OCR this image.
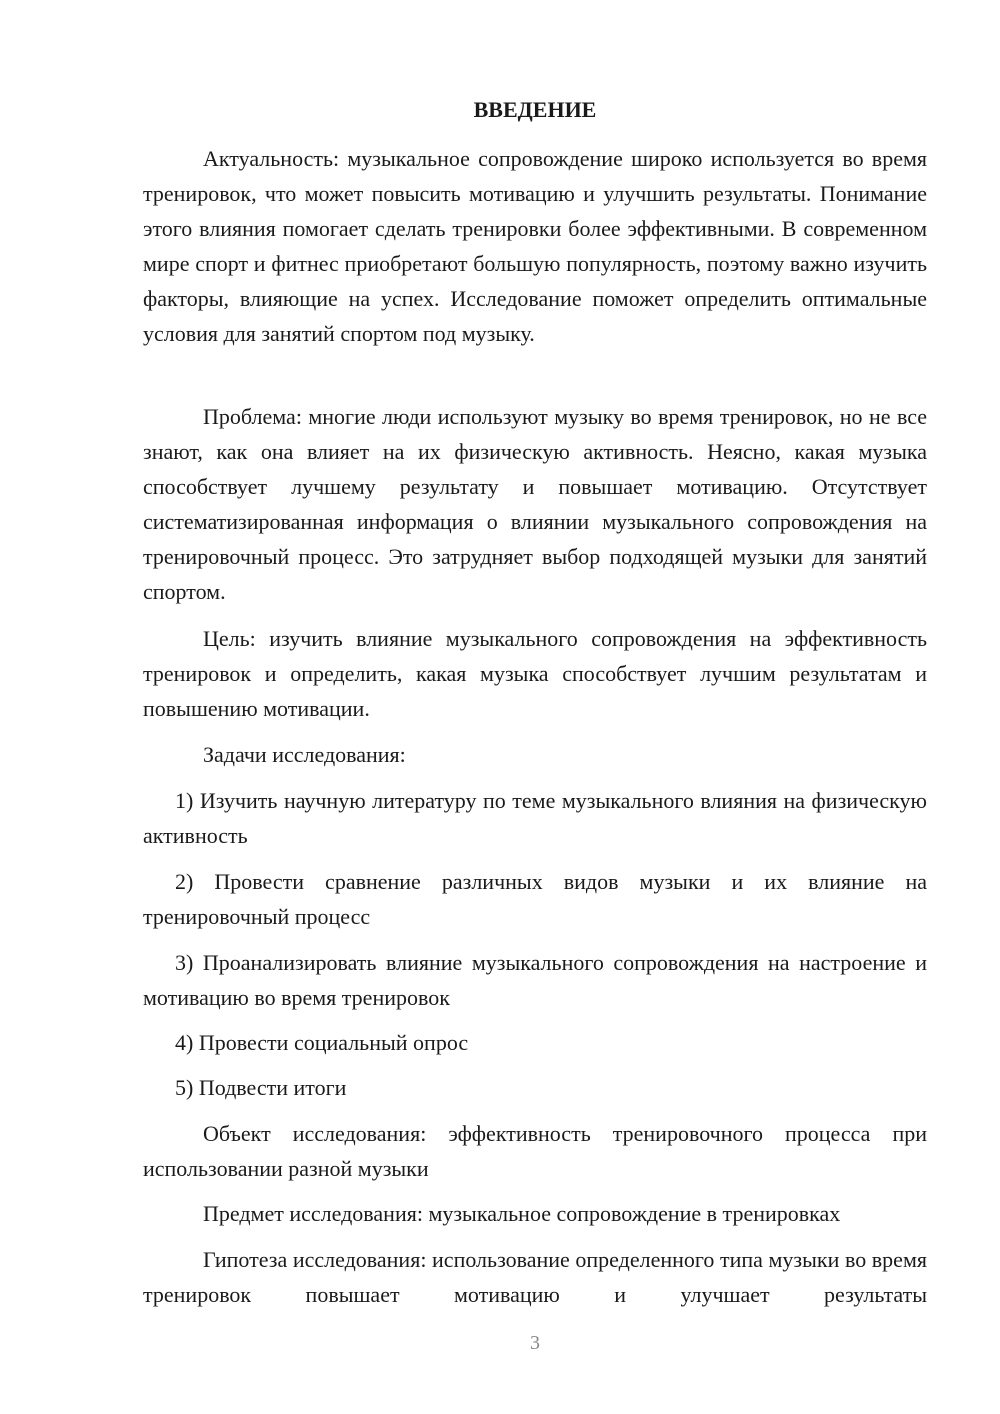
ВВЕДЕНИЕ

Актуальность: музыкальное сопровождение широко используется во время тренировок, что может повысить мотивацию и улучшить результаты. Понимание этого влияния помогает сделать тренировки более эффективными. В современном мире спорт и фитнес приобретают большую популярность, поэтому важно изучить факторы, влияющие на успех. Исследование поможет определить оптимальные условия для занятий спортом под музыку.

Проблема: многие люди используют музыку во время тренировок, но не все знают, как она влияет на их физическую активность. Неясно, какая музыка способствует лучшему результату и повышает мотивацию. Отсутствует систематизированная информация о влиянии музыкального сопровождения на тренировочный процесс. Это затрудняет выбор подходящей музыки для занятий спортом.

Цель: изучить влияние музыкального сопровождения на эффективность тренировок и определить, какая музыка способствует лучшим результатам и повышению мотивации.

Задачи исследования:

1) Изучить научную литературу по теме музыкального влияния на физическую активность

2) Провести сравнение различных видов музыки и их влияние на тренировочный процесс

3) Проанализировать влияние музыкального сопровождения на настроение и мотивацию во время тренировок

4) Провести социальный опрос

5) Подвести итоги

Объект исследования: эффективность тренировочного процесса при использовании разной музыки

Предмет исследования: музыкальное сопровождение в тренировках

Гипотеза исследования: использование определенного типа музыки во время тренировок повышает мотивацию и улучшает результаты

3
